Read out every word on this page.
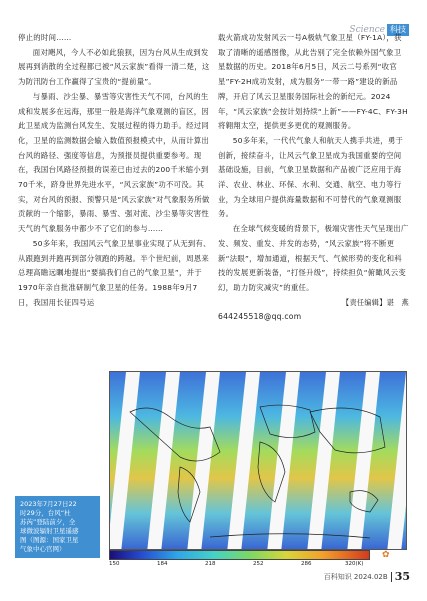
Science 科技

停止的时间……

面对飓风，今人不必如此狼狈，因为台风从生成到发展再到消散的全过程都已被“风云家族”看得一清二楚，这为防汛防台工作赢得了宝贵的“提前量”。

与暴雨、沙尘暴、暴雪等灾害性天气不同，台风的生成和发展多在远海，那里一般是海洋气象观测的盲区，因此卫星成为监测台风发生、发展过程的得力助手。经过同化，卫星的监测数据会输入数值预报模式中，从而计算出台风的路径、强度等信息，为预报员提供重要参考。现在，我国台风路径预报的误差已由过去的200千米缩小到70千米，跻身世界先进水平，“风云家族”功不可没。其实，对台风的预报、预警只是“风云家族”对气象服务所做贡献的一个缩影，暴雨、暴雪、强对流、沙尘暴等灾害性天气的气象服务中都少不了它们的参与……

50多年来，我国风云气象卫星事业实现了从无到有、从跟跑到并跑再到部分领跑的跨越。半个世纪前，周恩来总理高瞻远瞩地提出“要搞我们自己的气象卫星”，并于1970年亲自批准研制气象卫星的任务。1988年9月7日，我国用长征四号运

载火箭成功发射风云一号A极轨气象卫星（FY-1A），获取了清晰的遥感图像，从此告别了完全依赖外国气象卫星数据的历史。2018年6月5日，风云二号系列“收官星”FY-2H成功发射，成为服务“一带一路”建设的新品牌，开启了风云卫星服务国际社会的新纪元。2024年，“风云家族”会按计划持续“上新”——FY-4C、FY-3H将翱翔太空，提供更多更优的观测服务。

50多年来，一代代气象人和航天人携手共进，勇于创新，接续奋斗，让风云气象卫星成为我国重要的空间基础设施，目前，气象卫星数据和产品被广泛应用于海洋、农业、林业、环保、水利、交通、航空、电力等行业，为全球用户提供海量数据和不可替代的气象观测服务。

在全球气候变暖的背景下，极端灾害性天气呈现出广发、频发、重发、并发的态势，“风云家族”将不断更新“法眼”，增加通道，根据天气、气候形势的变化和科技的发展更新装备，“打怪升级”，持续担负“俯瞰风云变幻，助力防灾减灾”的重任。

【责任编辑】谌　燕
644245518@qq.com
150	184	218	252	286	320(K)
✿
2023年7月27日22
时29分，台风“杜
苏芮”登陆前夕，全
球微波辐射卫星遥感
图（图源：国家卫星
气象中心官网）
百科知识 2024.02B 35
